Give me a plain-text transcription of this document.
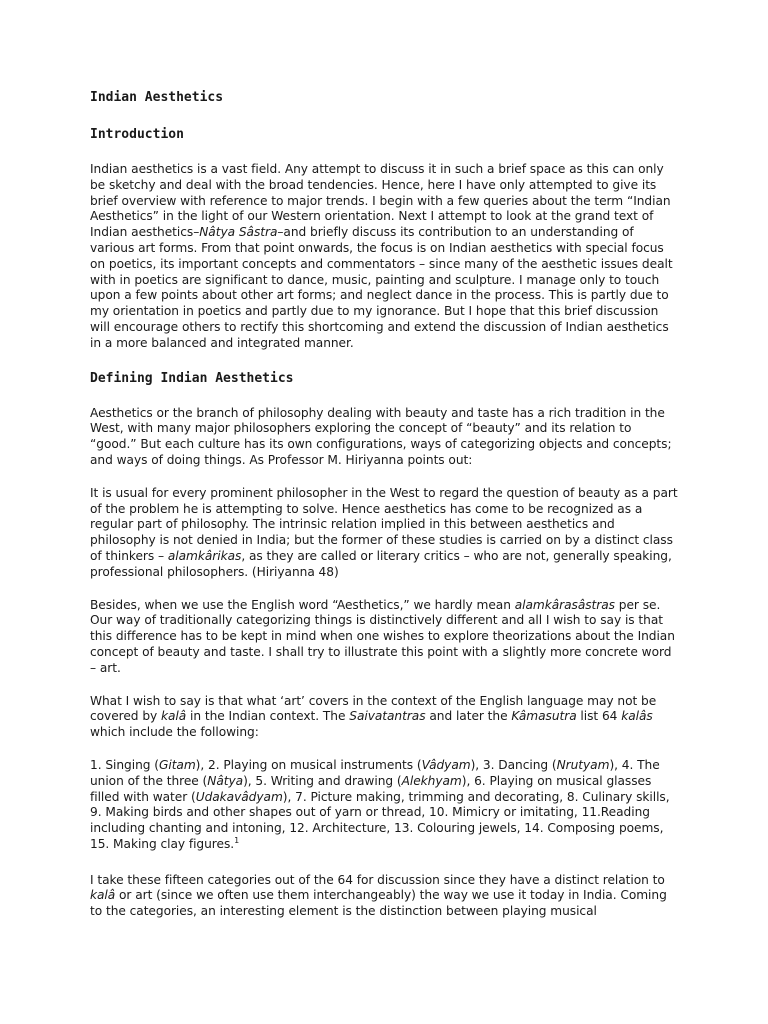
Indian Aesthetics
Introduction

Indian aesthetics is a vast field. Any attempt to discuss it in such a brief space as this can only be sketchy and deal with the broad tendencies. Hence, here I have only attempted to give its brief overview with reference to major trends. I begin with a few queries about the term “Indian Aesthetics” in the light of our Western orientation. Next I attempt to look at the grand text of Indian aesthetics–Nâtya Sâstra–and briefly discuss its contribution to an understanding of various art forms. From that point onwards, the focus is on Indian aesthetics with special focus on poetics, its important concepts and commentators – since many of the aesthetic issues dealt with in poetics are significant to dance, music, painting and sculpture. I manage only to touch upon a few points about other art forms; and neglect dance in the process. This is partly due to my orientation in poetics and partly due to my ignorance. But I hope that this brief discussion will encourage others to rectify this shortcoming and extend the discussion of Indian aesthetics in a more balanced and integrated manner.

Defining Indian Aesthetics

Aesthetics or the branch of philosophy dealing with beauty and taste has a rich tradition in the West, with many major philosophers exploring the concept of “beauty” and its relation to “good.” But each culture has its own configurations, ways of categorizing objects and concepts; and ways of doing things. As Professor M. Hiriyanna points out:

It is usual for every prominent philosopher in the West to regard the question of beauty as a part of the problem he is attempting to solve. Hence aesthetics has come to be recognized as a regular part of philosophy. The intrinsic relation implied in this between aesthetics and philosophy is not denied in India; but the former of these studies is carried on by a distinct class of thinkers – alamkârikas, as they are called or literary critics – who are not, generally speaking, professional philosophers. (Hiriyanna 48)

Besides, when we use the English word “Aesthetics,” we hardly mean alamkârasâstras per se. Our way of traditionally categorizing things is distinctively different and all I wish to say is that this difference has to be kept in mind when one wishes to explore theorizations about the Indian concept of beauty and taste. I shall try to illustrate this point with a slightly more concrete word – art.

What I wish to say is that what ‘art’ covers in the context of the English language may not be covered by kalâ in the Indian context. The Saivatantras and later the Kâmasutra list 64 kalâs which include the following:

1. Singing (Gitam), 2. Playing on musical instruments (Vâdyam), 3. Dancing (Nrutyam), 4. The union of the three (Nâtya), 5. Writing and drawing (Alekhyam), 6. Playing on musical glasses filled with water (Udakavâdyam), 7. Picture making, trimming and decorating, 8. Culinary skills, 9. Making birds and other shapes out of yarn or thread, 10. Mimicry or imitating, 11.Reading including chanting and intoning, 12. Architecture, 13. Colouring jewels, 14. Composing poems, 15. Making clay figures.$^1$

I take these fifteen categories out of the 64 for discussion since they have a distinct relation to kalâ or art (since we often use them interchangeably) the way we use it today in India. Coming to the categories, an interesting element is the distinction between playing musical
